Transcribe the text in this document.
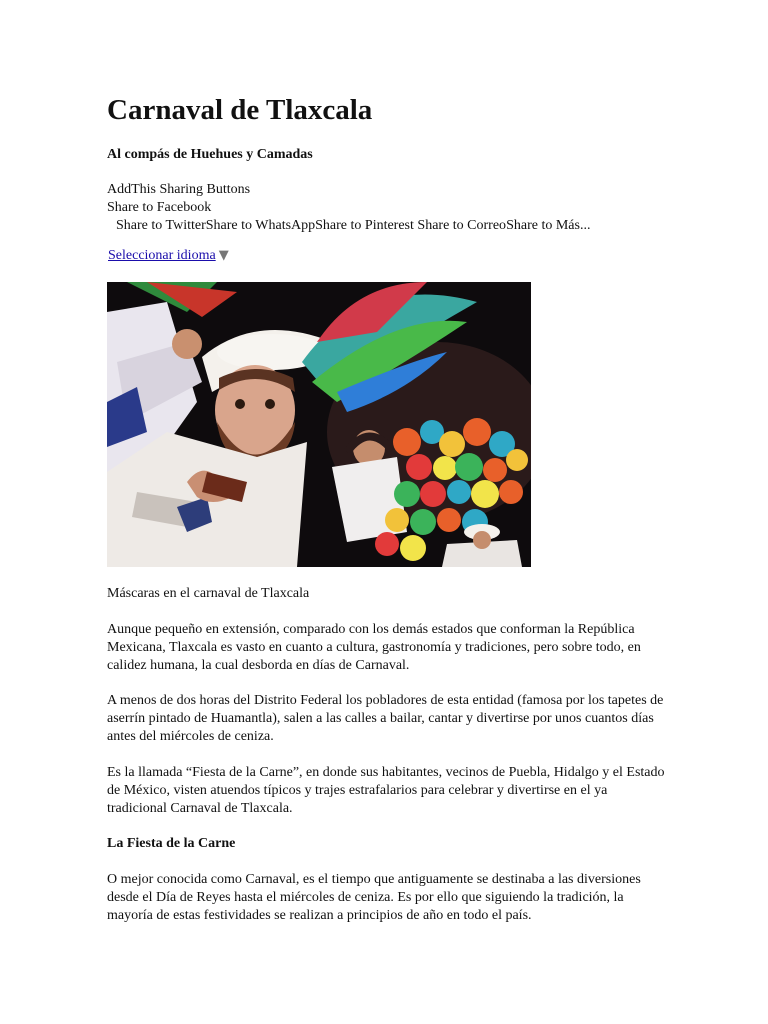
Carnaval de Tlaxcala

Al compás de Huehues y Camadas

AddThis Sharing Buttons
Share to Facebook
Share to TwitterShare to WhatsAppShare to Pinterest Share to CorreoShare to Más...
Seleccionar idioma ▼

Máscaras en el carnaval de Tlaxcala

Aunque pequeño en extensión, comparado con los demás estados que conforman la República Mexicana, Tlaxcala es vasto en cuanto a cultura, gastronomía y tradiciones, pero sobre todo, en calidez humana, la cual desborda en días de Carnaval.

A menos de dos horas del Distrito Federal los pobladores de esta entidad (famosa por los tapetes de aserrín pintado de Huamantla), salen a las calles a bailar, cantar y divertirse por unos cuantos días antes del miércoles de ceniza.

Es la llamada “Fiesta de la Carne”, en donde sus habitantes, vecinos de Puebla, Hidalgo y el Estado de México, visten atuendos típicos y trajes estrafalarios para celebrar y divertirse en el ya tradicional Carnaval de Tlaxcala.

La Fiesta de la Carne

O mejor conocida como Carnaval, es el tiempo que antiguamente se destinaba a las diversiones desde el Día de Reyes hasta el miércoles de ceniza. Es por ello que siguiendo la tradición, la mayoría de estas festividades se realizan a principios de año en todo el país.
